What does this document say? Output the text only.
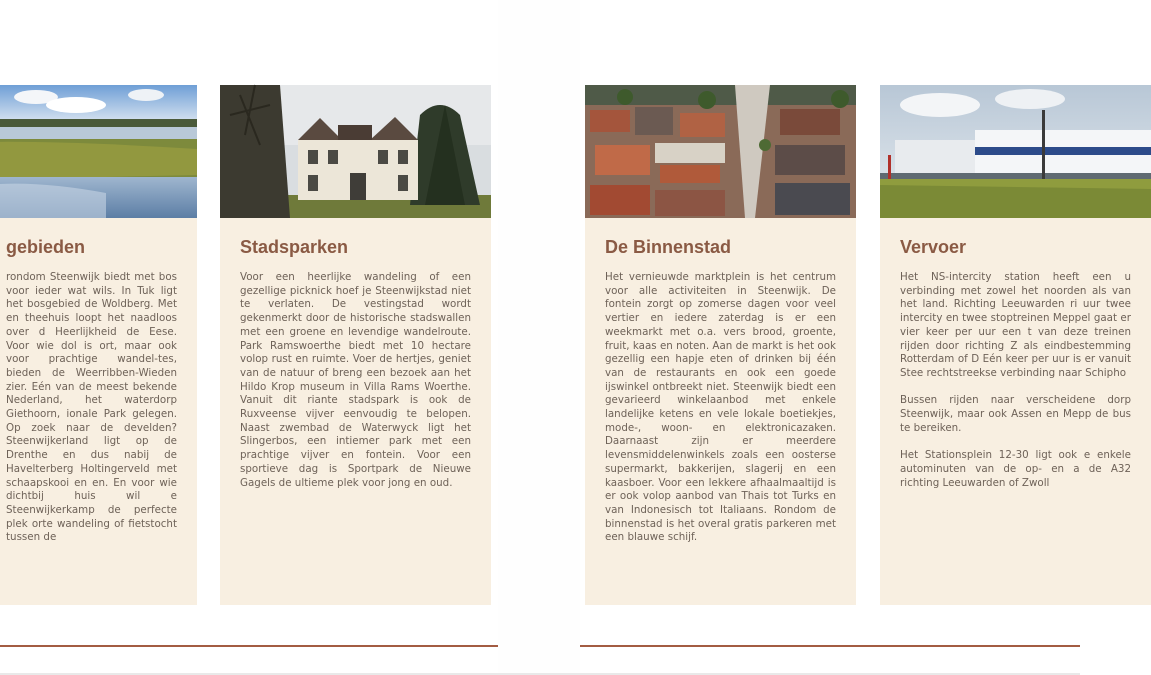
gebieden

rondom Steenwijk biedt met bos voor ieder wat wils. In Tuk ligt het bosgebied de Woldberg. Met en theehuis loopt het naadloos over d Heerlijkheid de Eese. Voor wie dol is ort, maar ook voor prachtige wandel-tes, bieden de Weerribben-Wieden zier. Eén van de meest bekende Nederland, het waterdorp Giethoorn, ionale Park gelegen. Op zoek naar de develden? Steenwijkerland ligt op de Drenthe en dus nabij de Havelterberg Holtingerveld met schaapskooi en en. En voor wie dichtbij huis wil e Steenwijkerkamp de perfecte plek orte wandeling of fietstocht tussen de

Stadsparken

Voor een heerlijke wandeling of een gezellige picknick hoef je Steenwijkstad niet te verlaten. De vestingstad wordt gekenmerkt door de historische stadswallen met een groene en levendige wandelroute. Park Ramswoerthe biedt met 10 hectare volop rust en ruimte. Voer de hertjes, geniet van de natuur of breng een bezoek aan het Hildo Krop museum in Villa Rams Woerthe. Vanuit dit riante stadspark is ook de Ruxveense vijver eenvoudig te belopen. Naast zwembad de Waterwyck ligt het Slingerbos, een intiemer park met een prachtige vijver en fontein. Voor een sportieve dag is Sportpark de Nieuwe Gagels de ultieme plek voor jong en oud.

De Binnenstad

Het vernieuwde marktplein is het centrum voor alle activiteiten in Steenwijk. De fontein zorgt op zomerse dagen voor veel vertier en iedere zaterdag is er een weekmarkt met o.a. vers brood, groente, fruit, kaas en noten. Aan de markt is het ook gezellig een hapje eten of drinken bij één van de restaurants en ook een goede ijswinkel ontbreekt niet. Steenwijk biedt een gevarieerd winkelaanbod met enkele landelijke ketens en vele lokale boetiekjes, mode-, woon- en elektronicazaken. Daarnaast zijn er meerdere levensmiddelenwinkels zoals een oosterse supermarkt, bakkerijen, slagerij en een kaasboer. Voor een lekkere afhaalmaaltijd is er ook volop aanbod van Thais tot Turks en van Indonesisch tot Italiaans. Rondom de binnenstad is het overal gratis parkeren met een blauwe schijf.

Vervoer

Het NS-intercity station heeft een u verbinding met zowel het noorden als van het land. Richting Leeuwarden ri uur twee intercity en twee stoptreinen Meppel gaat er vier keer per uur een t van deze treinen rijden door richting Z als eindbestemming Rotterdam of D Eén keer per uur is er vanuit Stee rechtstreekse verbinding naar Schipho

Bussen rijden naar verscheidene dorp Steenwijk, maar ook Assen en Mepp de bus te bereiken.

Het Stationsplein 12-30 ligt ook e enkele autominuten van de op- en a de A32 richting Leeuwarden of Zwoll
